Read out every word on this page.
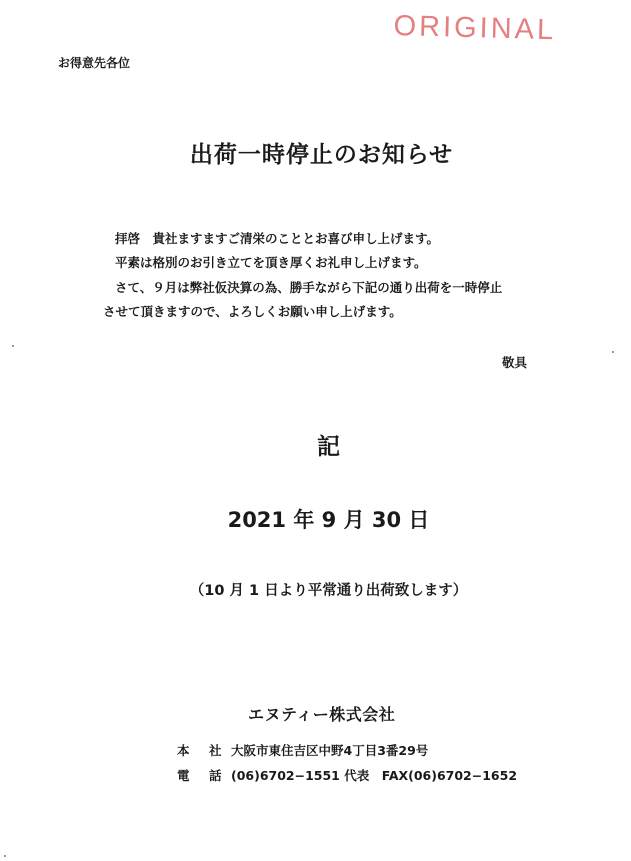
ORIGINAL
お得意先各位
出荷一時停止のお知らせ
拝啓　貴社ますますご清栄のこととお喜び申し上げます。
平素は格別のお引き立てを頂き厚くお礼申し上げます。
さて、９月は弊社仮決算の為、勝手ながら下記の通り出荷を一時停止
させて頂きますので、よろしくお願い申し上げます。
敬具
記
2021 年 9 月 30 日
（10 月 1 日より平常通り出荷致します）
エヌティー株式会社
本 社 大阪市東住吉区中野4丁目3番29号
電 話 (06)6702−1551 代表　FAX(06)6702−1652
